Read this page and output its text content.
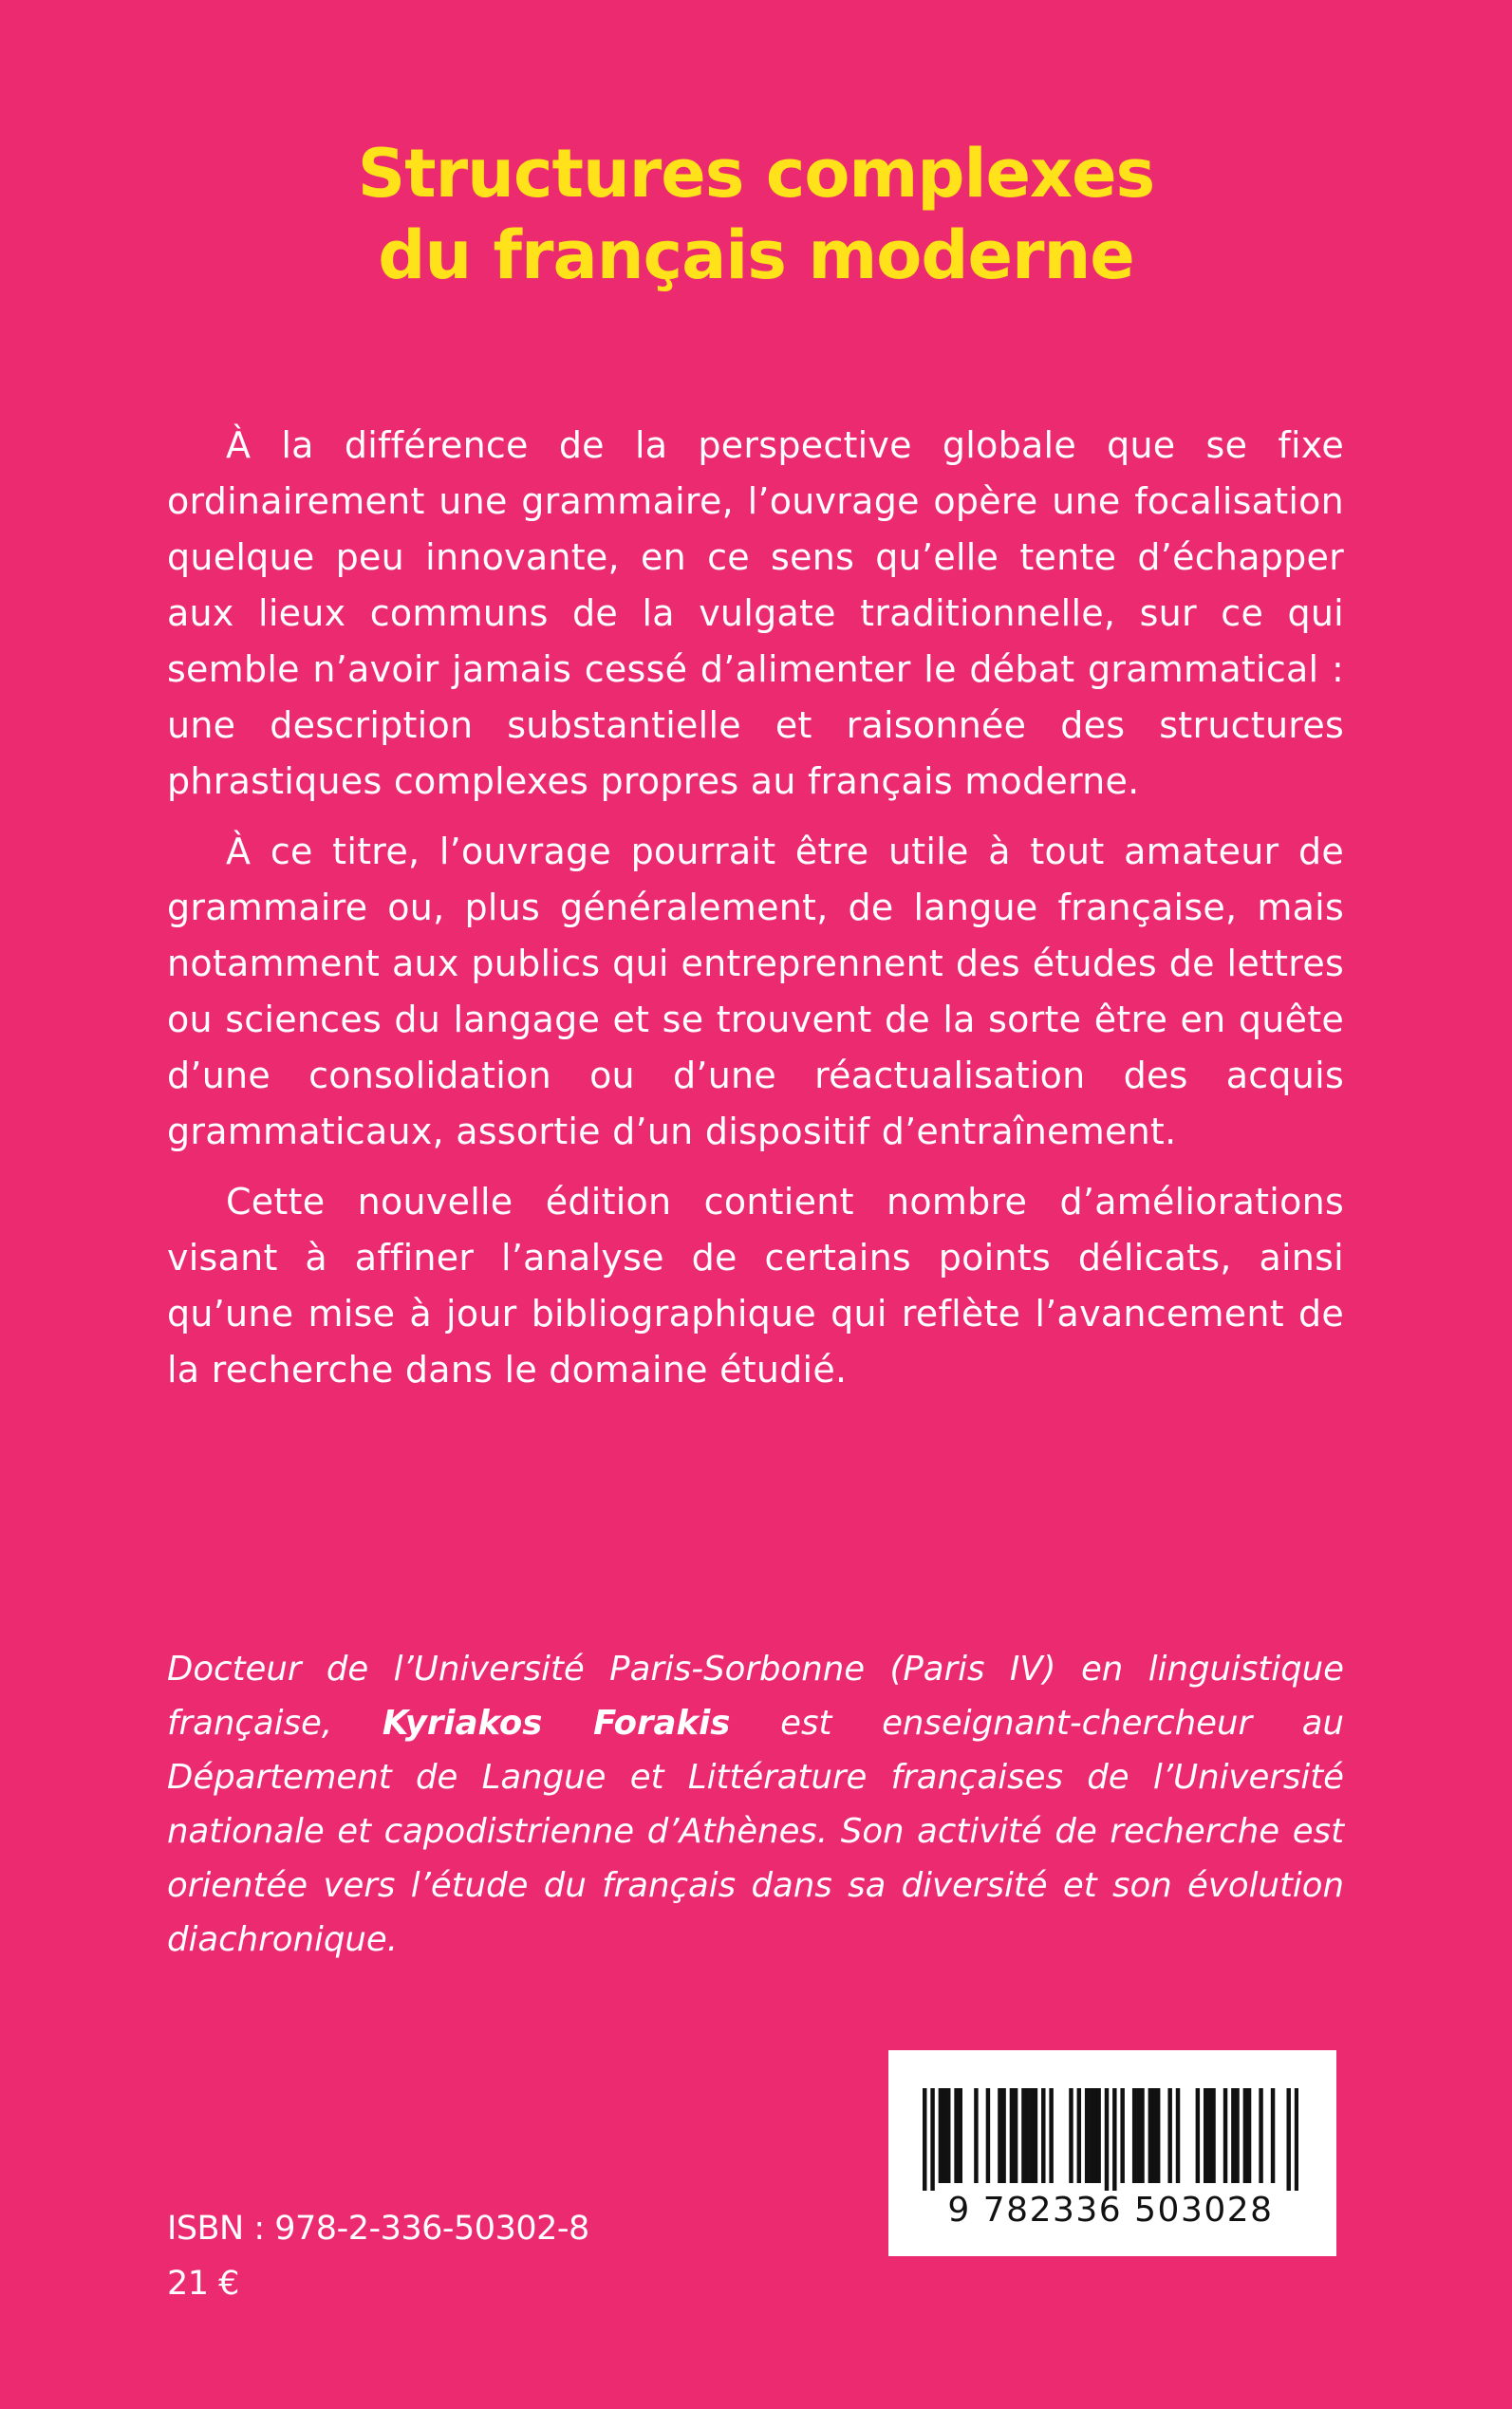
Structures complexes
du français moderne

À la différence de la perspective globale que se fixe ordinairement une grammaire, l’ouvrage opère une focalisation quelque peu innovante, en ce sens qu’elle tente d’échapper aux lieux communs de la vulgate traditionnelle, sur ce qui semble n’avoir jamais cessé d’alimenter le débat grammatical : une description substantielle et raisonnée des structures phrastiques complexes propres au français moderne.

À ce titre, l’ouvrage pourrait être utile à tout amateur de grammaire ou, plus généralement, de langue française, mais notamment aux publics qui entreprennent des études de lettres ou sciences du langage et se trouvent de la sorte être en quête d’une consolidation ou d’une réactualisation des acquis grammaticaux, assortie d’un dispositif d’entraînement.

Cette nouvelle édition contient nombre d’améliorations visant à affiner l’analyse de certains points délicats, ainsi qu’une mise à jour bibliographique qui reflète l’avancement de la recherche dans le domaine étudié.

Docteur de l’Université Paris-Sorbonne (Paris IV) en linguistique française, Kyriakos Forakis est enseignant-chercheur au Département de Langue et Littérature françaises de l’Université nationale et capodistrienne d’Athènes. Son activité de recherche est orientée vers l’étude du français dans sa diversité et son évolution diachronique.

ISBN : 978-2-336-50302-8
21 €
9 782336 503028
